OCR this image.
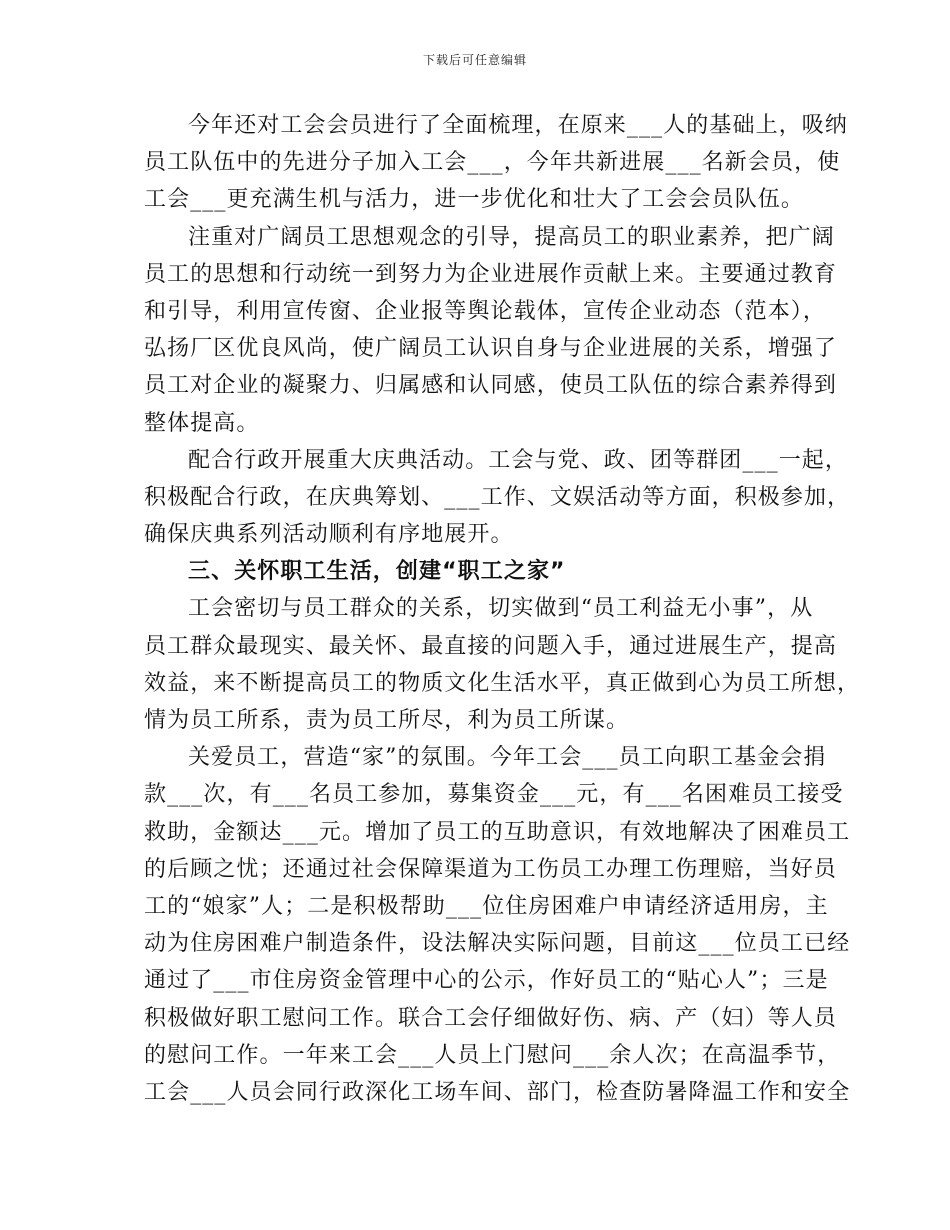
下载后可任意编辑
今年还对工会会员进行了全面梳理，在原来___人的基础上，吸纳
员工队伍中的先进分子加入工会___，今年共新进展___名新会员，使
工会___更充满生机与活力，进一步优化和壮大了工会会员队伍。
注重对广阔员工思想观念的引导，提高员工的职业素养，把广阔
员工的思想和行动统一到努力为企业进展作贡献上来。主要通过教育
和引导，利用宣传窗、企业报等舆论载体，宣传企业动态（范本），
弘扬厂区优良风尚，使广阔员工认识自身与企业进展的关系，增强了
员工对企业的凝聚力、归属感和认同感，使员工队伍的综合素养得到
整体提高。
配合行政开展重大庆典活动。工会与党、政、团等群团___一起，
积极配合行政，在庆典筹划、___工作、文娱活动等方面，积极参加，
确保庆典系列活动顺利有序地展开。
三、关怀职工生活，创建“职工之家”
工会密切与员工群众的关系，切实做到“员工利益无小事”，从
员工群众最现实、最关怀、最直接的问题入手，通过进展生产，提高
效益，来不断提高员工的物质文化生活水平，真正做到心为员工所想，
情为员工所系，责为员工所尽，利为员工所谋。
关爱员工，营造“家”的氛围。今年工会___员工向职工基金会捐
款___次，有___名员工参加，募集资金___元，有___名困难员工接受
救助，金额达___元。增加了员工的互助意识，有效地解决了困难员工
的后顾之忧；还通过社会保障渠道为工伤员工办理工伤理赔，当好员
工的“娘家”人；二是积极帮助___位住房困难户申请经济适用房，主
动为住房困难户制造条件，设法解决实际问题，目前这___位员工已经
通过了___市住房资金管理中心的公示，作好员工的“贴心人”；三是
积极做好职工慰问工作。联合工会仔细做好伤、病、产（妇）等人员
的慰问工作。一年来工会___人员上门慰问___余人次；在高温季节，
工会___人员会同行政深化工场车间、部门，检查防暑降温工作和安全
